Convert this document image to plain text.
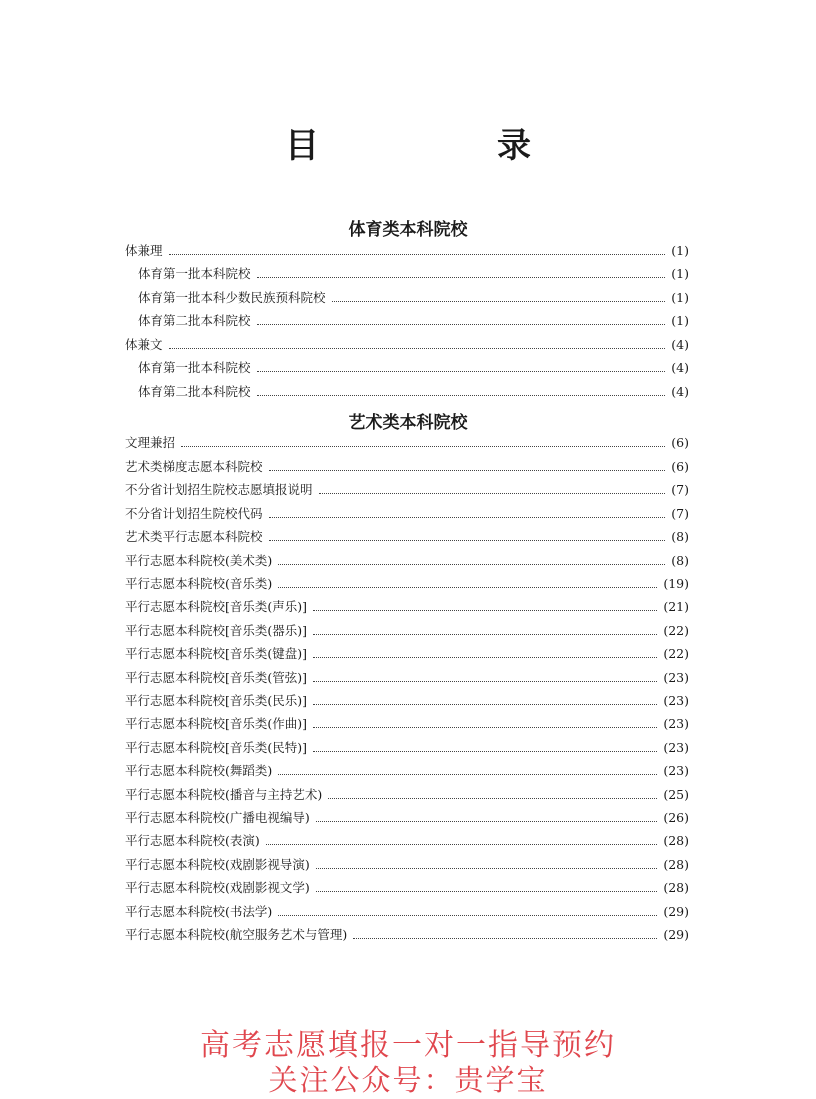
目　录
体育类本科院校
体兼理	(1)
体育第一批本科院校	(1)
体育第一批本科少数民族预科院校	(1)
体育第二批本科院校	(1)
体兼文	(4)
体育第一批本科院校	(4)
体育第二批本科院校	(4)
艺术类本科院校
文理兼招	(6)
艺术类梯度志愿本科院校	(6)
不分省计划招生院校志愿填报说明	(7)
不分省计划招生院校代码	(7)
艺术类平行志愿本科院校	(8)
平行志愿本科院校(美术类)	(8)
平行志愿本科院校(音乐类)	(19)
平行志愿本科院校[音乐类(声乐)]	(21)
平行志愿本科院校[音乐类(器乐)]	(22)
平行志愿本科院校[音乐类(键盘)]	(22)
平行志愿本科院校[音乐类(管弦)]	(23)
平行志愿本科院校[音乐类(民乐)]	(23)
平行志愿本科院校[音乐类(作曲)]	(23)
平行志愿本科院校[音乐类(民特)]	(23)
平行志愿本科院校(舞蹈类)	(23)
平行志愿本科院校(播音与主持艺术)	(25)
平行志愿本科院校(广播电视编导)	(26)
平行志愿本科院校(表演)	(28)
平行志愿本科院校(戏剧影视导演)	(28)
平行志愿本科院校(戏剧影视文学)	(28)
平行志愿本科院校(书法学)	(29)
平行志愿本科院校(航空服务艺术与管理)	(29)
高考志愿填报一对一指导预约
关注公众号：贵学宝
